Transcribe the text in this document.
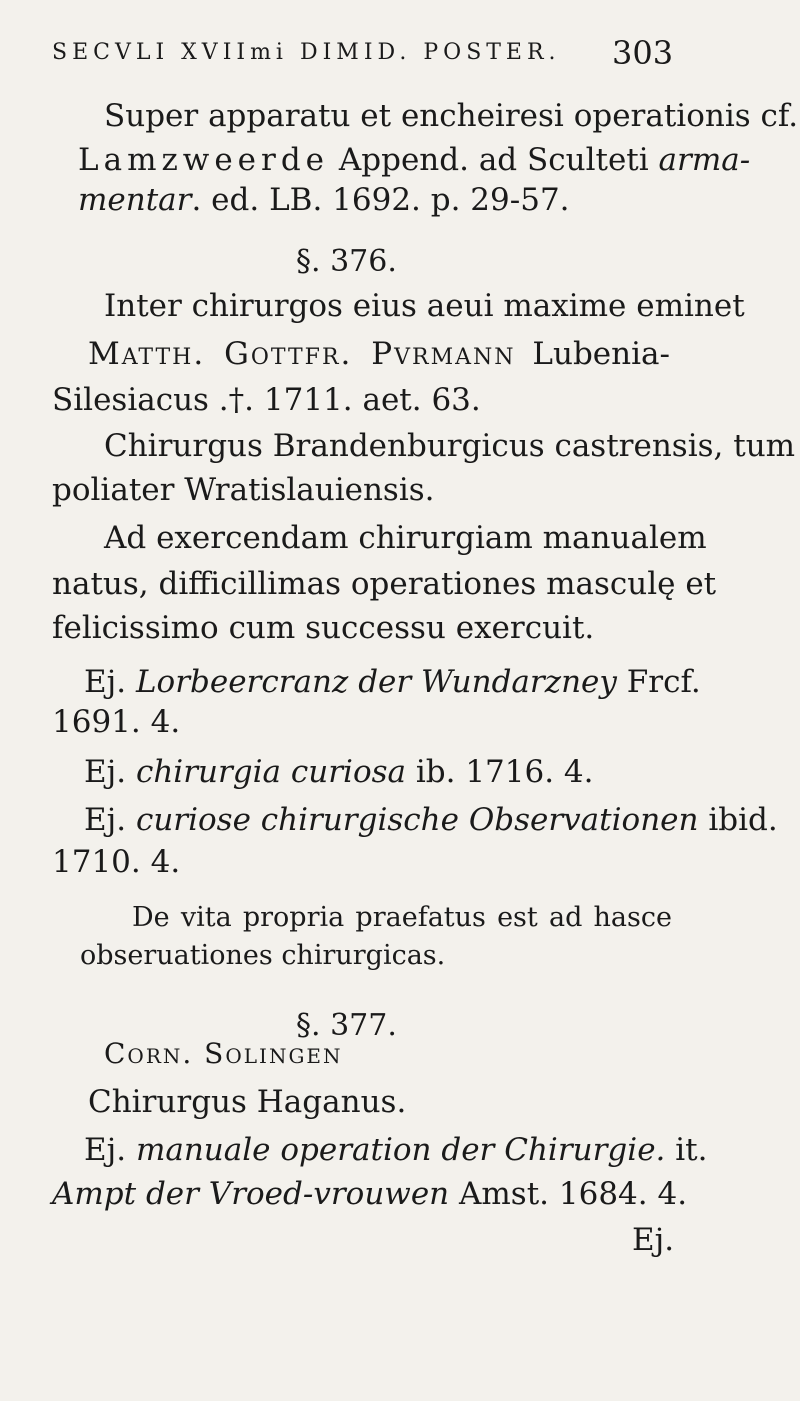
SECVLI XVIImi DIMID. POSTER. 303
Super apparatu et encheiresi operationis cf.
Lamzweerde Append. ad Sculteti arma-
mentar. ed. LB. 1692. p. 29-57.
§. 376.
Inter chirurgos eius aeui maxime eminet
Matth. Gottfr. Pvrmann Lubenia-
Silesiacus .†. 1711. aet. 63.
Chirurgus Brandenburgicus castrensis, tum
poliater Wratislauiensis.
Ad exercendam chirurgiam manualem
natus, difficillimas operationes masculę et
felicissimo cum successu exercuit.
Ej. Lorbeercranz der Wundarzney Frcf.
1691. 4.
Ej. chirurgia curiosa ib. 1716. 4.
Ej. curiose chirurgische Observationen ibid.
1710. 4.
De vita propria praefatus est ad hasce
obseruationes chirurgicas.
§. 377.
Corn. Solingen
Chirurgus Haganus.
Ej. manuale operation der Chirurgie. it.
Ampt der Vroed-vrouwen Amst. 1684. 4.
Ej.
